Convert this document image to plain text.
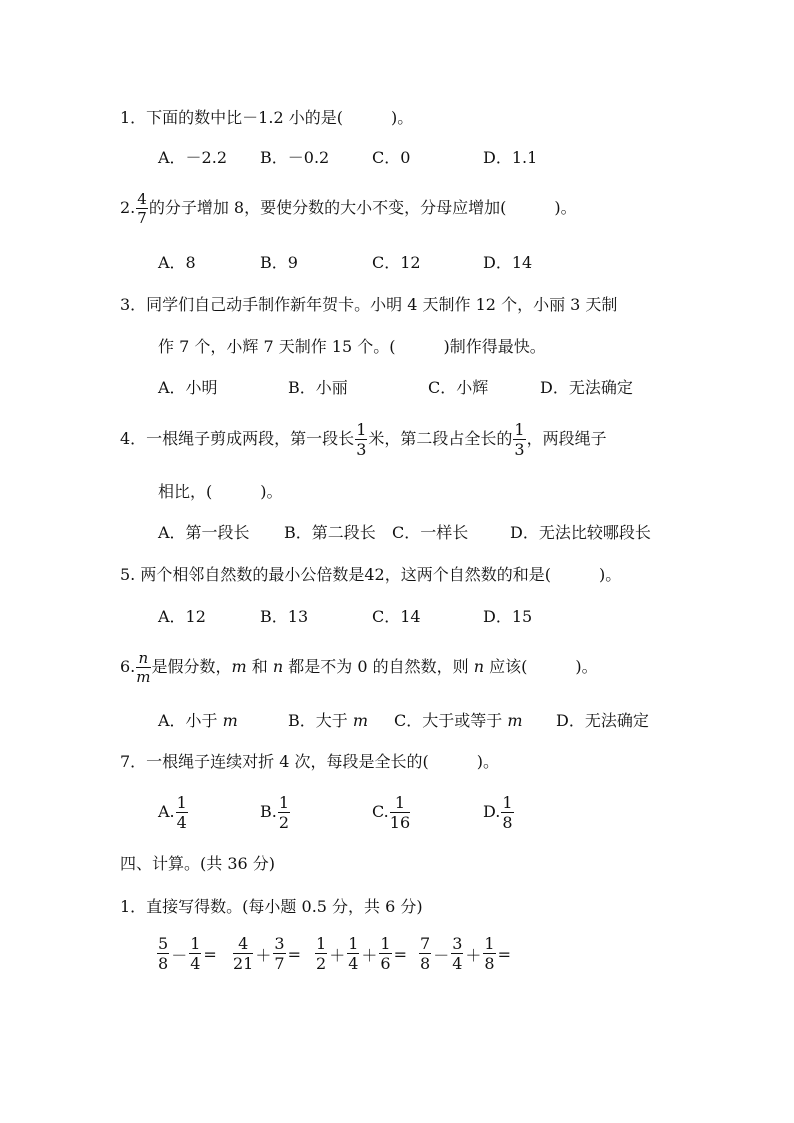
1．下面的数中比－1.2 小的是(　　　)。
A．－2.2 B．－0.2	C．0	D．1.1
2. $\frac{4}{7}$ 的分子增加 8，要使分数的大小不变，分母应增加(　　　)。
A．8	B．9	C．12	D．14
3．同学们自己动手制作新年贺卡。小明 4 天制作 12 个，小丽 3 天制
作 7 个，小辉 7 天制作 15 个。(　　　)制作得最快。
A．小明	B．小丽	C．小辉	D．无法确定
4．一根绳子剪成两段，第一段长 $\frac{1}{3}$ 米，第二段占全长的 $\frac{1}{3}$ ，两段绳子
相比，(　　　)。
A．第一段长 B．第二段长 C．一样长	D．无法比较哪段长
5. 两个相邻自然数的最小公倍数是42，这两个自然数的和是(　　　)。
A．12	B．13	C．14	D．15
6. $\frac{n}{m}$ 是假分数，m 和 n 都是不为 0 的自然数，则 n 应该(　　　)。
A．小于 m	B．大于 m C．大于或等于 m D．无法确定
7．一根绳子连续对折 4 次，每段是全长的(　　　)。
A. $\frac{1}{4}$	B. $\frac{1}{2}$	C. $\frac{1}{16}$	D. $\frac{1}{8}$
四、计算。(共 36 分)
1．直接写得数。(每小题 0.5 分，共 6 分)
$\frac{5}{8} - \frac{1}{4} = \frac{4}{21} + \frac{3}{7} = \frac{1}{2} + \frac{1}{4} + \frac{1}{6} = \frac{7}{8} - \frac{3}{4} + \frac{1}{8}$ =
